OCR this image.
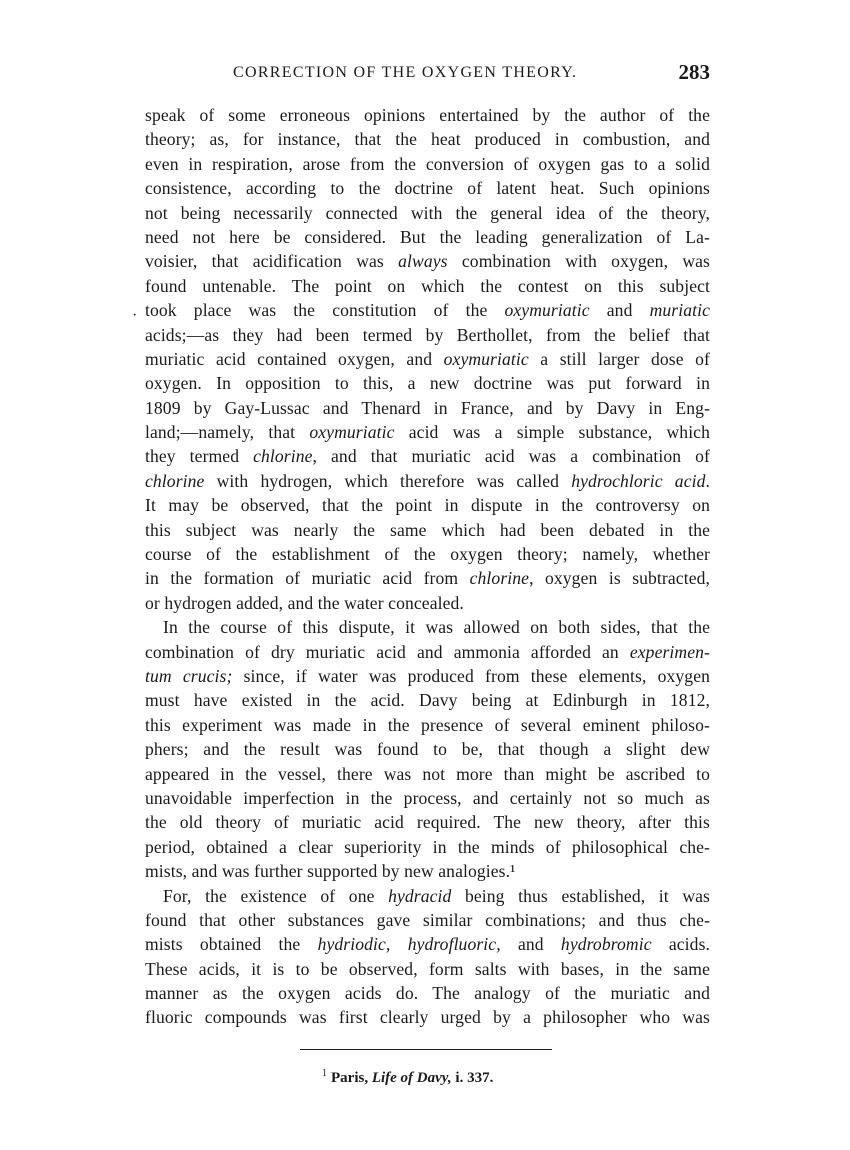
CORRECTION OF THE OXYGEN THEORY.	283
·
speak of some erroneous opinions entertained by the author of the
theory; as, for instance, that the heat produced in combustion, and
even in respiration, arose from the conversion of oxygen gas to a solid
consistence, according to the doctrine of latent heat. Such opinions
not being necessarily connected with the general idea of the theory,
need not here be considered. But the leading generalization of La-
voisier, that acidification was always combination with oxygen, was
found untenable. The point on which the contest on this subject
took place was the constitution of the oxymuriatic and muriatic
acids;—as they had been termed by Berthollet, from the belief that
muriatic acid contained oxygen, and oxymuriatic a still larger dose of
oxygen. In opposition to this, a new doctrine was put forward in
1809 by Gay-Lussac and Thenard in France, and by Davy in Eng-
land;—namely, that oxymuriatic acid was a simple substance, which
they termed chlorine, and that muriatic acid was a combination of
chlorine with hydrogen, which therefore was called hydrochloric acid.
It may be observed, that the point in dispute in the controversy on
this subject was nearly the same which had been debated in the
course of the establishment of the oxygen theory; namely, whether
in the formation of muriatic acid from chlorine, oxygen is subtracted,
or hydrogen added, and the water concealed.
In the course of this dispute, it was allowed on both sides, that the
combination of dry muriatic acid and ammonia afforded an experimen-
tum crucis; since, if water was produced from these elements, oxygen
must have existed in the acid. Davy being at Edinburgh in 1812,
this experiment was made in the presence of several eminent philoso-
phers; and the result was found to be, that though a slight dew
appeared in the vessel, there was not more than might be ascribed to
unavoidable imperfection in the process, and certainly not so much as
the old theory of muriatic acid required. The new theory, after this
period, obtained a clear superiority in the minds of philosophical che-
mists, and was further supported by new analogies.¹
For, the existence of one hydracid being thus established, it was
found that other substances gave similar combinations; and thus che-
mists obtained the hydriodic, hydrofluoric, and hydrobromic acids.
These acids, it is to be observed, form salts with bases, in the same
manner as the oxygen acids do. The analogy of the muriatic and
fluoric compounds was first clearly urged by a philosopher who was
$^1$ Paris, Life of Davy, i. 337.
